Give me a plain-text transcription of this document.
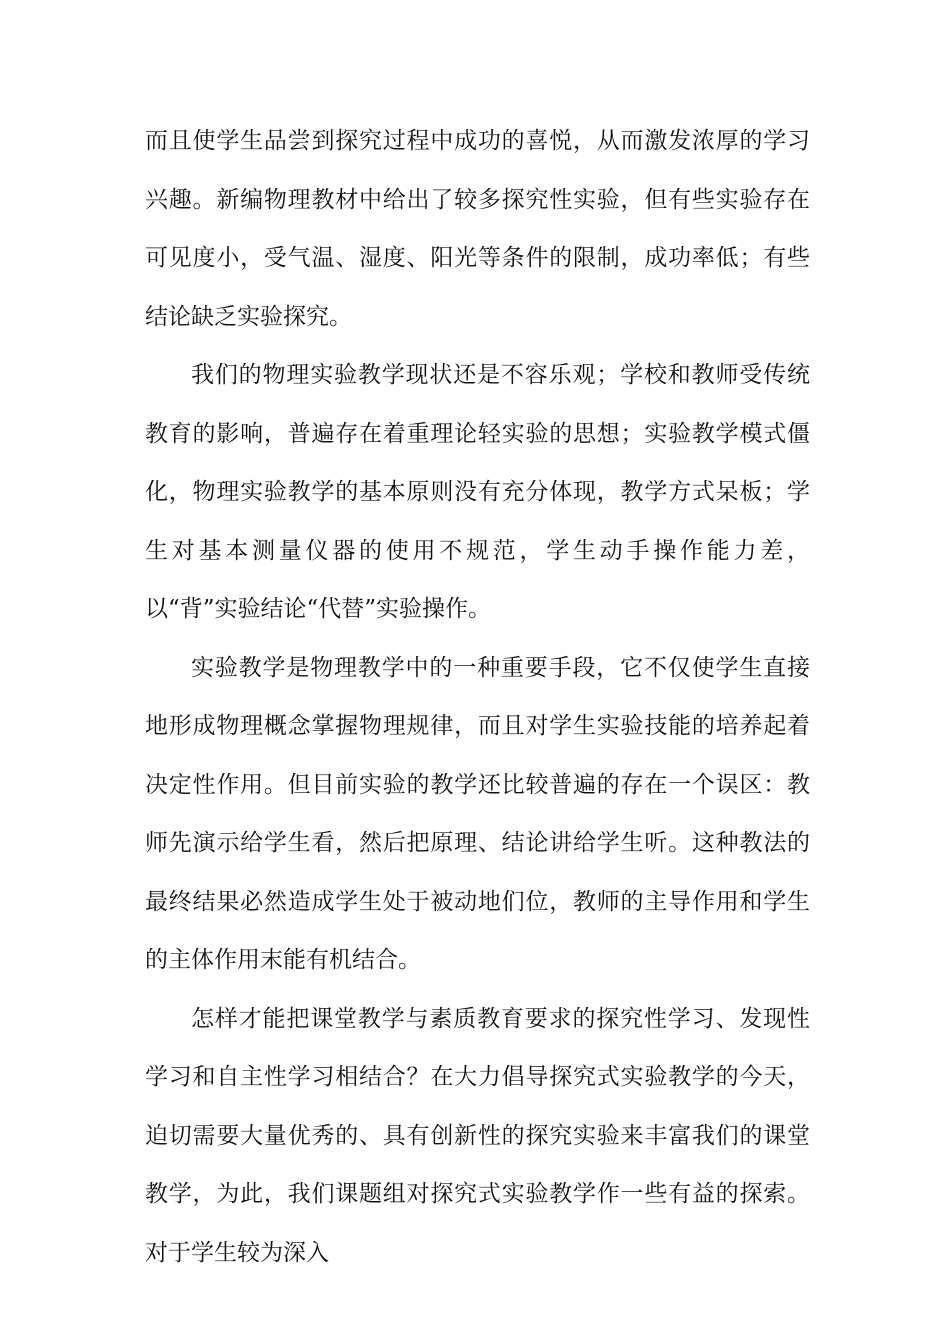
而且使学生品尝到探究过程中成功的喜悦，从而激发浓厚的学习兴趣。新编物理教材中给出了较多探究性实验，但有些实验存在可见度小，受气温、湿度、阳光等条件的限制，成功率低；有些结论缺乏实验探究。

我们的物理实验教学现状还是不容乐观；学校和教师受传统教育的影响，普遍存在着重理论轻实验的思想；实验教学模式僵化，物理实验教学的基本原则没有充分体现，教学方式呆板；学生对基本测量仪器的使用不规范，学生动手操作能力差，以“背”实验结论“代替”实验操作。

实验教学是物理教学中的一种重要手段，它不仅使学生直接地形成物理概念掌握物理规律，而且对学生实验技能的培养起着决定性作用。但目前实验的教学还比较普遍的存在一个误区：教师先演示给学生看，然后把原理、结论讲给学生听。这种教法的最终结果必然造成学生处于被动地们位，教师的主导作用和学生的主体作用末能有机结合。

怎样才能把课堂教学与素质教育要求的探究性学习、发现性学习和自主性学习相结合？在大力倡导探究式实验教学的今天，迫切需要大量优秀的、具有创新性的探究实验来丰富我们的课堂教学，为此，我们课题组对探究式实验教学作一些有益的探索。对于学生较为深入
